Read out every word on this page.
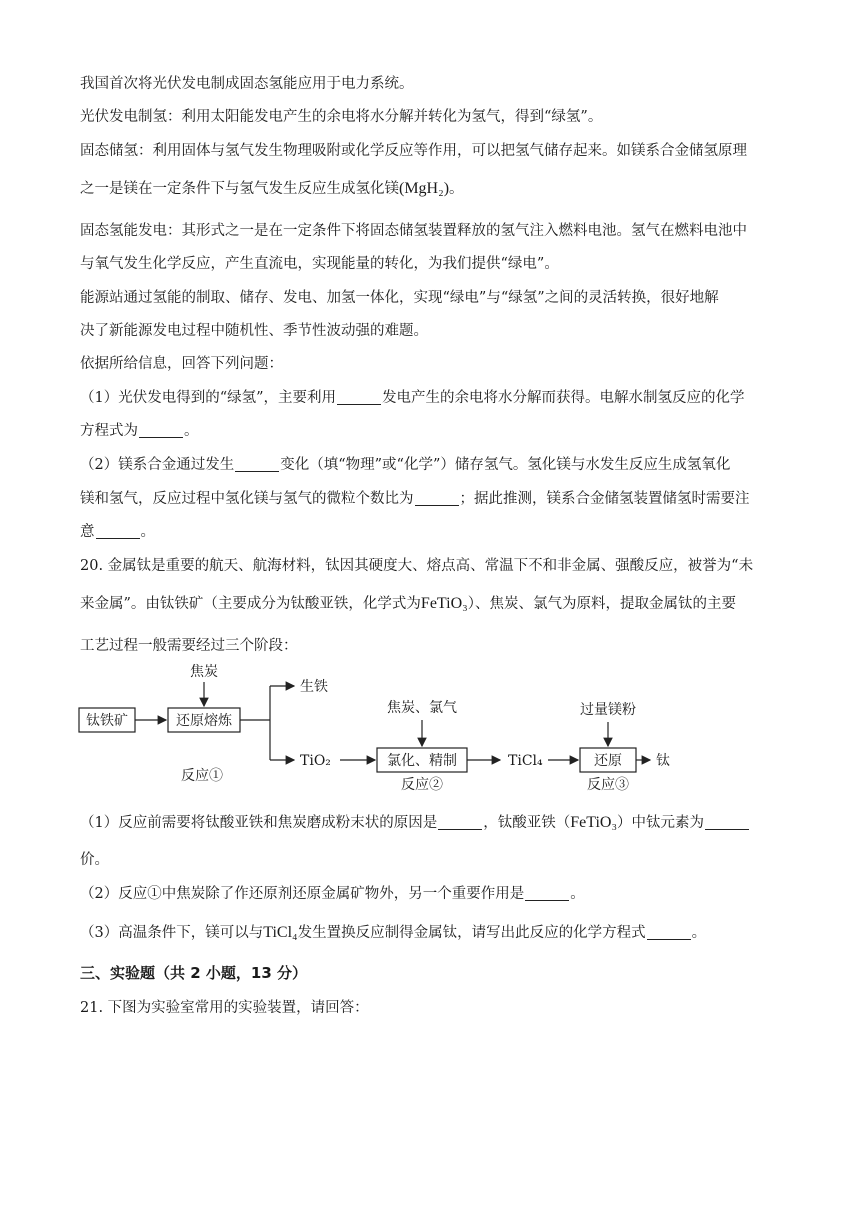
我国首次将光伏发电制成固态氢能应用于电力系统。
光伏发电制氢：利用太阳能发电产生的余电将水分解并转化为氢气，得到“绿氢”。
固态储氢：利用固体与氢气发生物理吸附或化学反应等作用，可以把氢气储存起来。如镁系合金储氢原理
之一是镁在一定条件下与氢气发生反应生成氢化镁(MgH₂)。
固态氢能发电：其形式之一是在一定条件下将固态储氢装置释放的氢气注入燃料电池。氢气在燃料电池中
与氧气发生化学反应，产生直流电，实现能量的转化，为我们提供“绿电”。
能源站通过氢能的制取、储存、发电、加氢一体化，实现“绿电”与“绿氢”之间的灵活转换，很好地解
决了新能源发电过程中随机性、季节性波动强的难题。
依据所给信息，回答下列问题：
（1）光伏发电得到的“绿氢”，主要利用	发电产生的余电将水分解而获得。电解水制氢反应的化学
方程式为	。
（2）镁系合金通过发生	变化（填“物理”或“化学”）储存氢气。氢化镁与水发生反应生成氢氧化
镁和氢气，反应过程中氢化镁与氢气的微粒个数比为	；据此推测，镁系合金储氢装置储氢时需要注
意	。
20. 金属钛是重要的航天、航海材料，钛因其硬度大、熔点高、常温下不和非金属、强酸反应，被誉为“未
来金属”。由钛铁矿（主要成分为钛酸亚铁，化学式为FeTiO₃）、焦炭、氯气为原料，提取金属钛的主要
工艺过程一般需要经过三个阶段：
焦炭
钛铁矿	还原熔炼
生铁
TiO₂
焦炭、氯气
氯化、精制	TiCl₄
过量镁粉
还原 钛
反应①
反应②	反应③
（1）反应前需要将钛酸亚铁和焦炭磨成粉末状的原因是	，钛酸亚铁（FeTiO₃）中钛元素为
价。
（2）反应①中焦炭除了作还原剂还原金属矿物外，另一个重要作用是	。
（3）高温条件下，镁可以与TiCl₄发生置换反应制得金属钛，请写出此反应的化学方程式	。
三、实验题（共 2 小题，13 分）
21. 下图为实验室常用的实验装置，请回答：
